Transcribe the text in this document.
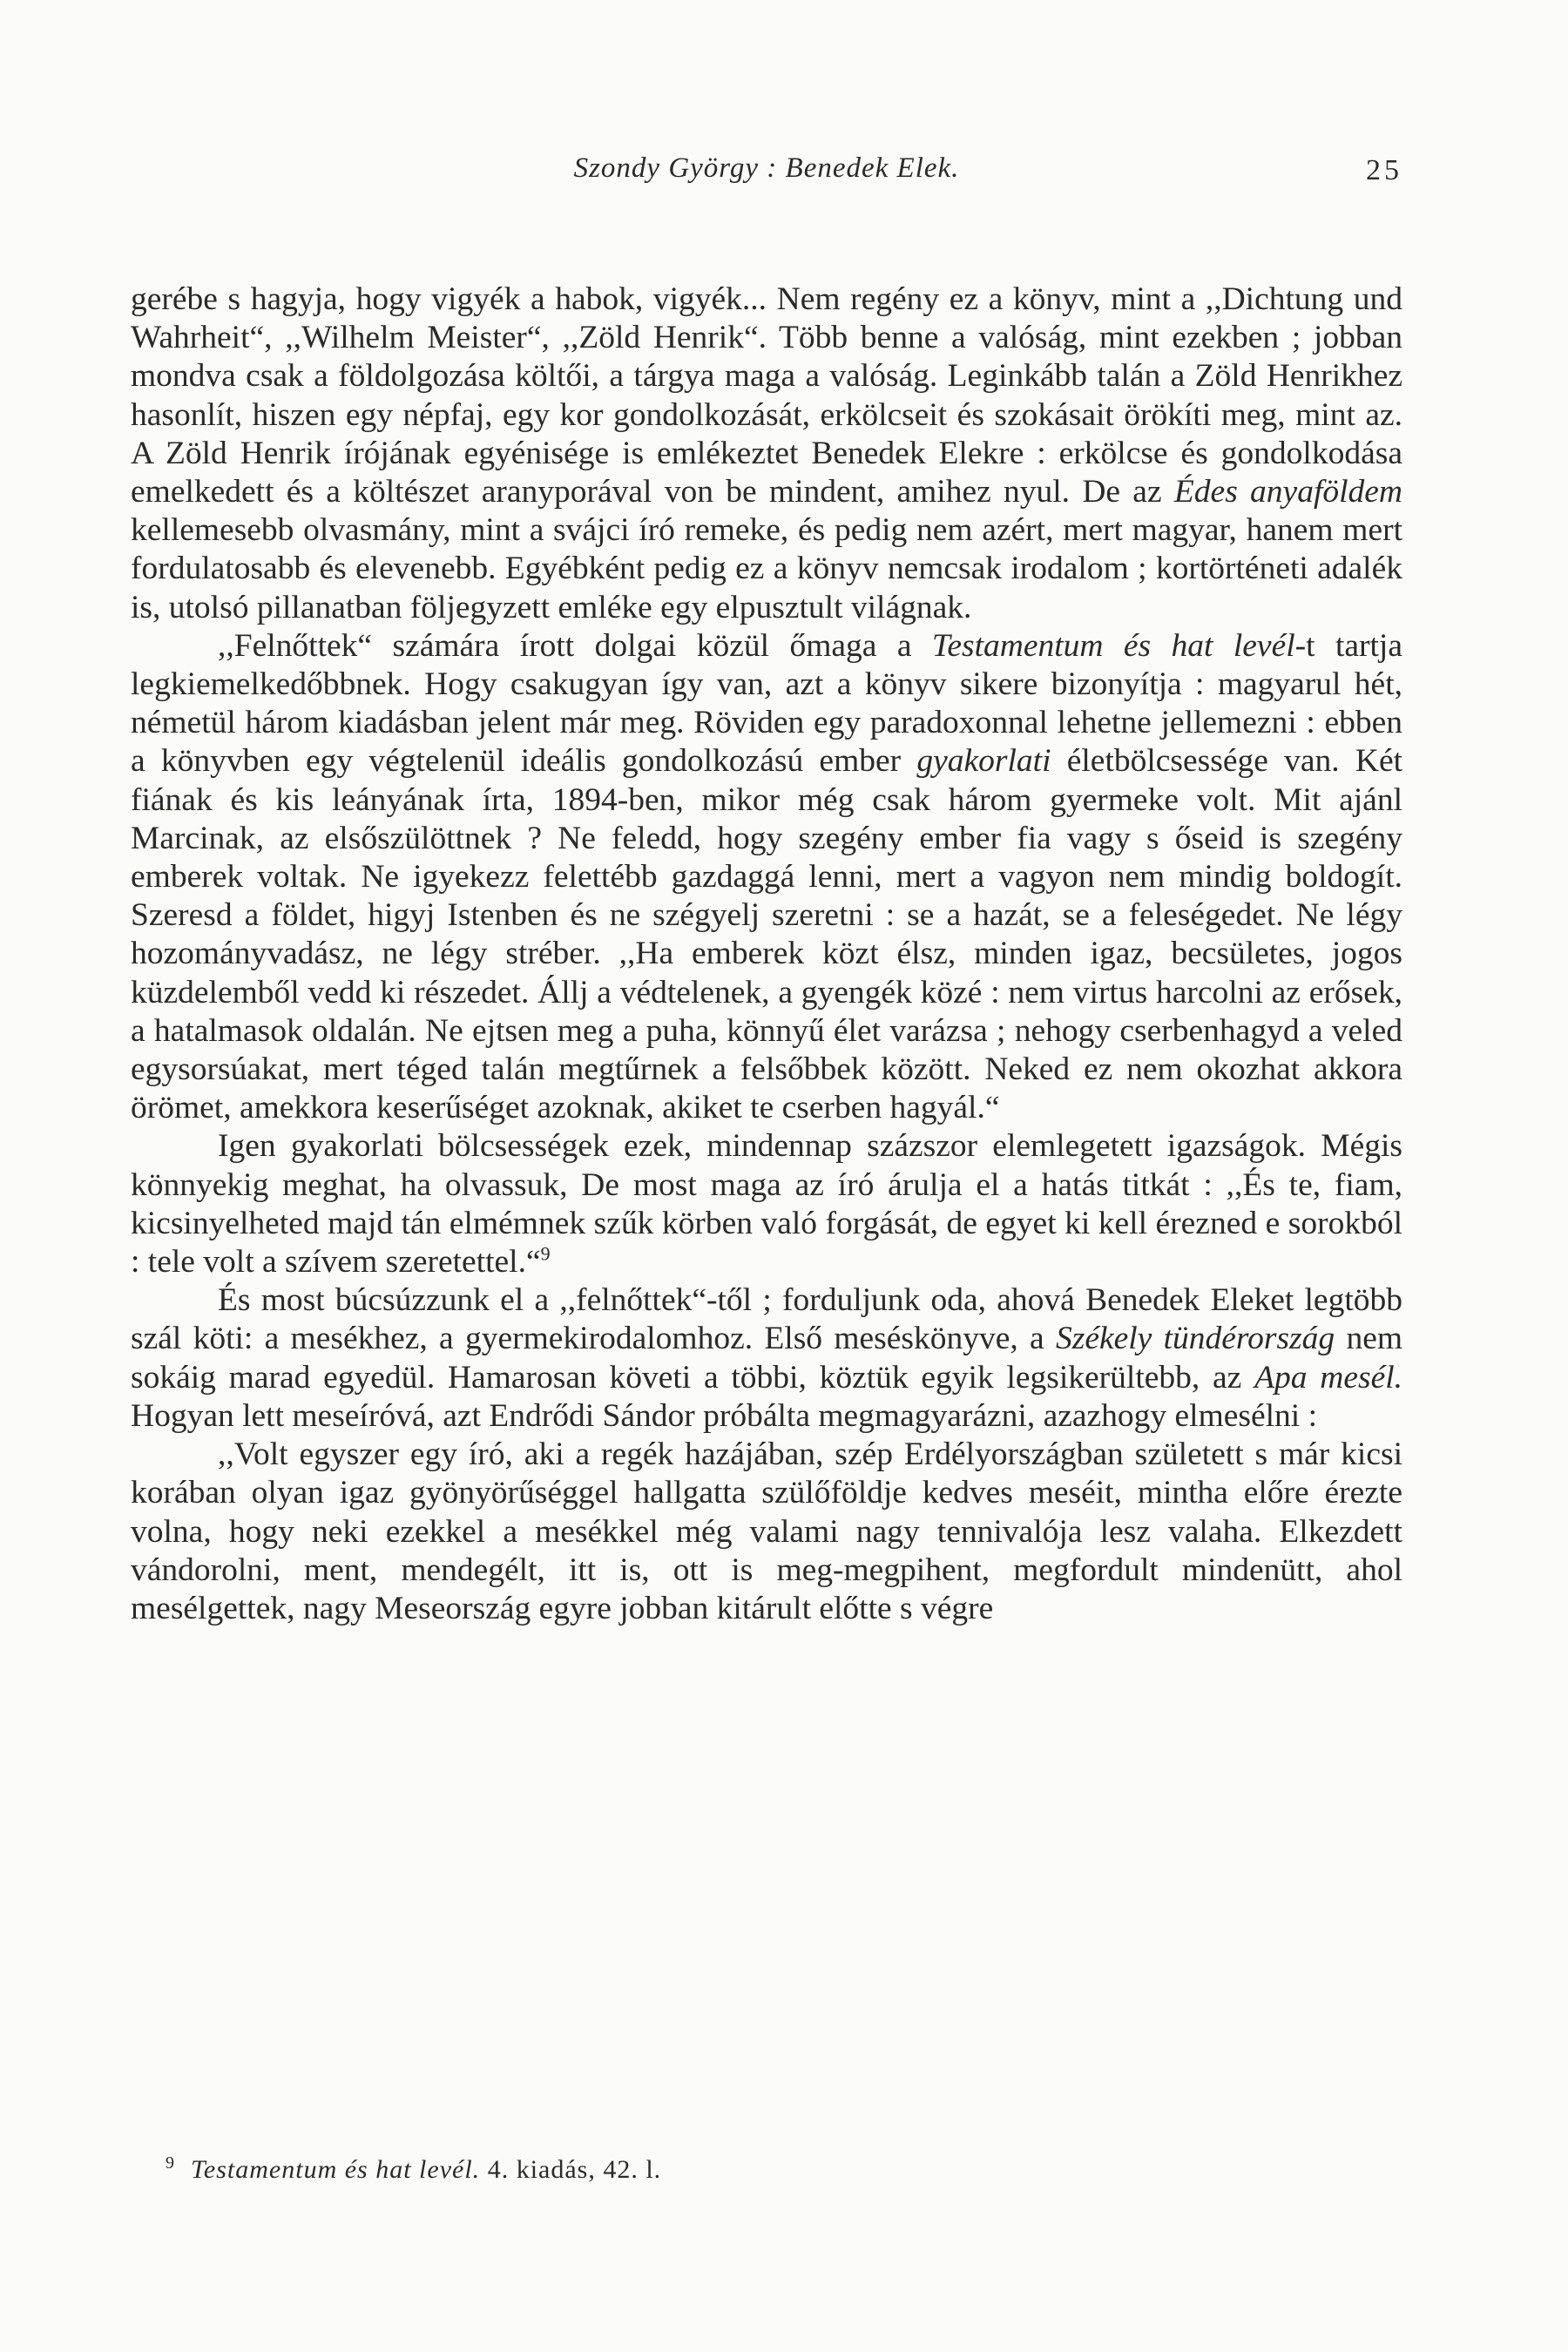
Szondy György : Benedek Elek.	25

gerébe s hagyja, hogy vigyék a habok, vigyék... Nem regény ez a könyv, mint a ,,Dichtung und Wahrheit“, ,,Wilhelm Meister“, ,,Zöld Henrik“. Több benne a valóság, mint ezekben ; jobban mondva csak a földolgozása költői, a tárgya maga a valóság. Leginkább talán a Zöld Henrikhez hasonlít, hiszen egy népfaj, egy kor gondolkozását, erkölcseit és szokásait örökíti meg, mint az. A Zöld Henrik írójának egyénisége is emlékeztet Benedek Elekre : erkölcse és gondolkodása emelkedett és a költészet aranyporával von be mindent, amihez nyul. De az Édes anyaföldem kellemesebb olvasmány, mint a svájci író remeke, és pedig nem azért, mert magyar, hanem mert fordulatosabb és elevenebb. Egyébként pedig ez a könyv nemcsak irodalom ; kortörténeti adalék is, utolsó pillanatban följegyzett emléke egy elpusztult világnak.

,,Felnőttek“ számára írott dolgai közül őmaga a Testamentum és hat levél-t tartja legkiemelkedőbbnek. Hogy csakugyan így van, azt a könyv sikere bizonyítja : magyarul hét, németül három kiadásban jelent már meg. Röviden egy paradoxonnal lehetne jellemezni : ebben a könyvben egy végtelenül ideális gondolkozású ember gyakorlati életbölcsessége van. Két fiának és kis leányának írta, 1894-ben, mikor még csak három gyermeke volt. Mit ajánl Marcinak, az elsőszülöttnek ? Ne feledd, hogy szegény ember fia vagy s őseid is szegény emberek voltak. Ne igyekezz felettébb gazdaggá lenni, mert a vagyon nem mindig boldogít. Szeresd a földet, higyj Istenben és ne szégyelj szeretni : se a hazát, se a feleségedet. Ne légy hozományvadász, ne légy stréber. ,,Ha emberek közt élsz, minden igaz, becsületes, jogos küzdelemből vedd ki részedet. Állj a védtelenek, a gyengék közé : nem virtus harcolni az erősek, a hatalmasok oldalán. Ne ejtsen meg a puha, könnyű élet varázsa ; nehogy cserbenhagyd a veled egysorsúakat, mert téged talán megtűrnek a felsőbbek között. Neked ez nem okozhat akkora örömet, amekkora keserűséget azoknak, akiket te cserben hagyál.“

Igen gyakorlati bölcsességek ezek, mindennap százszor elemlegetett igazságok. Mégis könnyekig meghat, ha olvassuk, De most maga az író árulja el a hatás titkát : ,,És te, fiam, kicsinyelheted majd tán elmémnek szűk körben való forgását, de egyet ki kell érezned e sorokból : tele volt a szívem szeretettel.“$^9$

És most búcsúzzunk el a ,,felnőttek“-től ; forduljunk oda, ahová Benedek Eleket legtöbb szál köti: a mesékhez, a gyermekirodalomhoz. Első meséskönyve, a Székely tündérország nem sokáig marad egyedül. Hamarosan követi a többi, köztük egyik legsikerültebb, az Apa mesél. Hogyan lett meseíróvá, azt Endrődi Sándor próbálta megmagyarázni, azazhogy elmesélni :

,,Volt egyszer egy író, aki a regék hazájában, szép Erdélyországban született s már kicsi korában olyan igaz gyönyörűséggel hallgatta szülőföldje kedves meséit, mintha előre érezte volna, hogy neki ezekkel a mesékkel még valami nagy tennivalója lesz valaha. Elkezdett vándorolni, ment, mendegélt, itt is, ott is meg-megpihent, megfordult mindenütt, ahol mesélgettek, nagy Meseország egyre jobban kitárult előtte s végre

$^9$ Testamentum és hat levél. 4. kiadás, 42. l.
